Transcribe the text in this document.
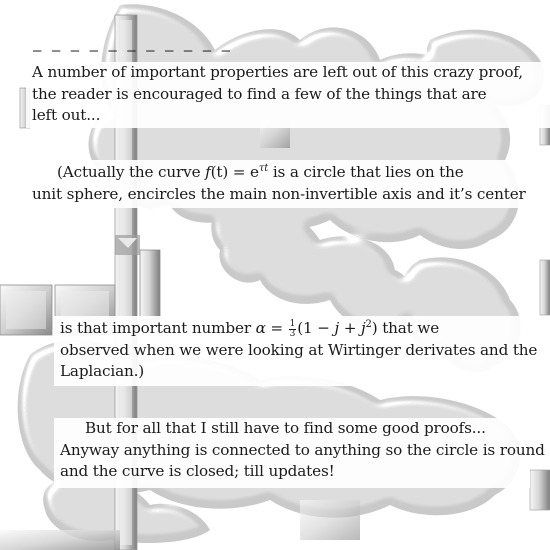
– – – – – – – – – – –
A number of important properties are left out of this crazy proof,
the reader is encouraged to find a few of the things that are
left out...
(Actually the curve $f(t) = e^{\tau t}$ is a circle that lies on the
unit sphere, encircles the main non-invertible axis and it’s center
is that important number $\alpha = \frac{1}{3} (1 - j + j^2)$ that we
observed when we were looking at Wirtinger derivates and the
Laplacian.)
But for all that I still have to find some good proofs...
Anyway anything is connected to anything so the circle is round
and the curve is closed; till updates!
